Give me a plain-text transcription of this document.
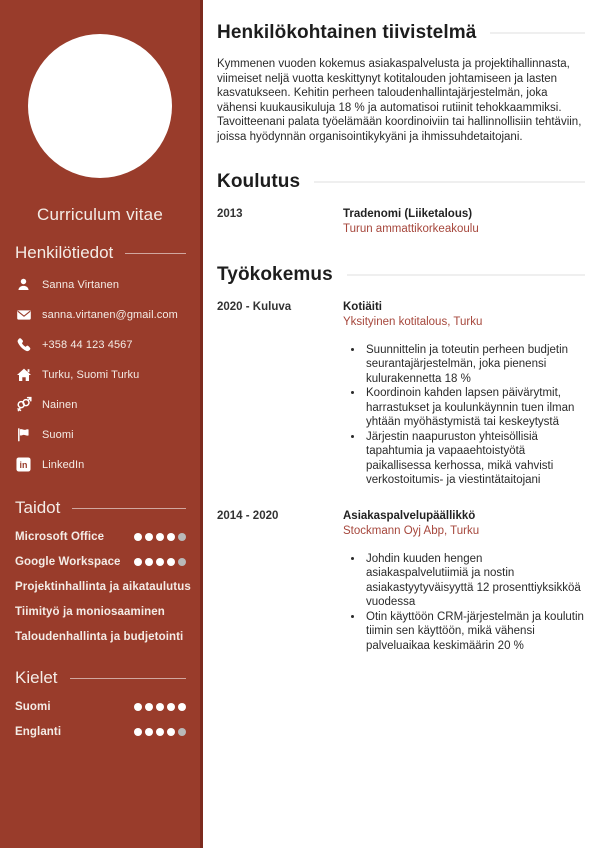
Curriculum vitae
Henkilötiedot
Sanna Virtanen
sanna.virtanen@gmail.com
+358 44 123 4567
Turku, Suomi Turku
Nainen
Suomi
in LinkedIn
Taidot
Microsoft Office
Google Workspace
Projektinhallinta ja aikataulutus
Tiimityö ja moniosaaminen
Taloudenhallinta ja budjetointi
Kielet
Suomi
Englanti
Henkilökohtainen tiivistelmä

Kymmenen vuoden kokemus asiakaspalvelusta ja projektihallinnasta, viimeiset neljä vuotta keskittynyt kotitalouden johtamiseen ja lasten kasvatukseen. Kehitin perheen taloudenhallintajärjestelmän, joka vähensi kuukausikuluja 18 % ja automatisoi rutiinit tehokkaammiksi. Tavoitteenani palata työelämään koordinoiviin tai hallinnollisiin tehtäviin, joissa hyödynnän organisointikykyäni ja ihmissuhdetaitojani.

Koulutus
2013	Tradenomi (Liiketalous)
Turun ammattikorkeakoulu
Työkokemus
2020 - Kuluva	Kotiäiti
Yksityinen kotitalous, Turku
• Suunnittelin ja toteutin perheen budjetin seurantajärjestelmän, joka pienensi kulurakennetta 18 %
• Koordinoin kahden lapsen päivärytmit, harrastukset ja koulunkäynnin tuen ilman yhtään myöhästymistä tai keskeytystä
• Järjestin naapuruston yhteisöllisiä tapahtumia ja vapaaehtoistyötä paikallisessa kerhossa, mikä vahvisti verkostoitumis- ja viestintätaitojani
2014 - 2020	Asiakaspalvelupäällikkö
Stockmann Oyj Abp, Turku
• Johdin kuuden hengen asiakaspalvelutiimiä ja nostin asiakastyytyväisyyttä 12 prosenttiyksikköä vuodessa
• Otin käyttöön CRM-järjestelmän ja koulutin tiimin sen käyttöön, mikä vähensi palveluaikaa keskimäärin 20 %
